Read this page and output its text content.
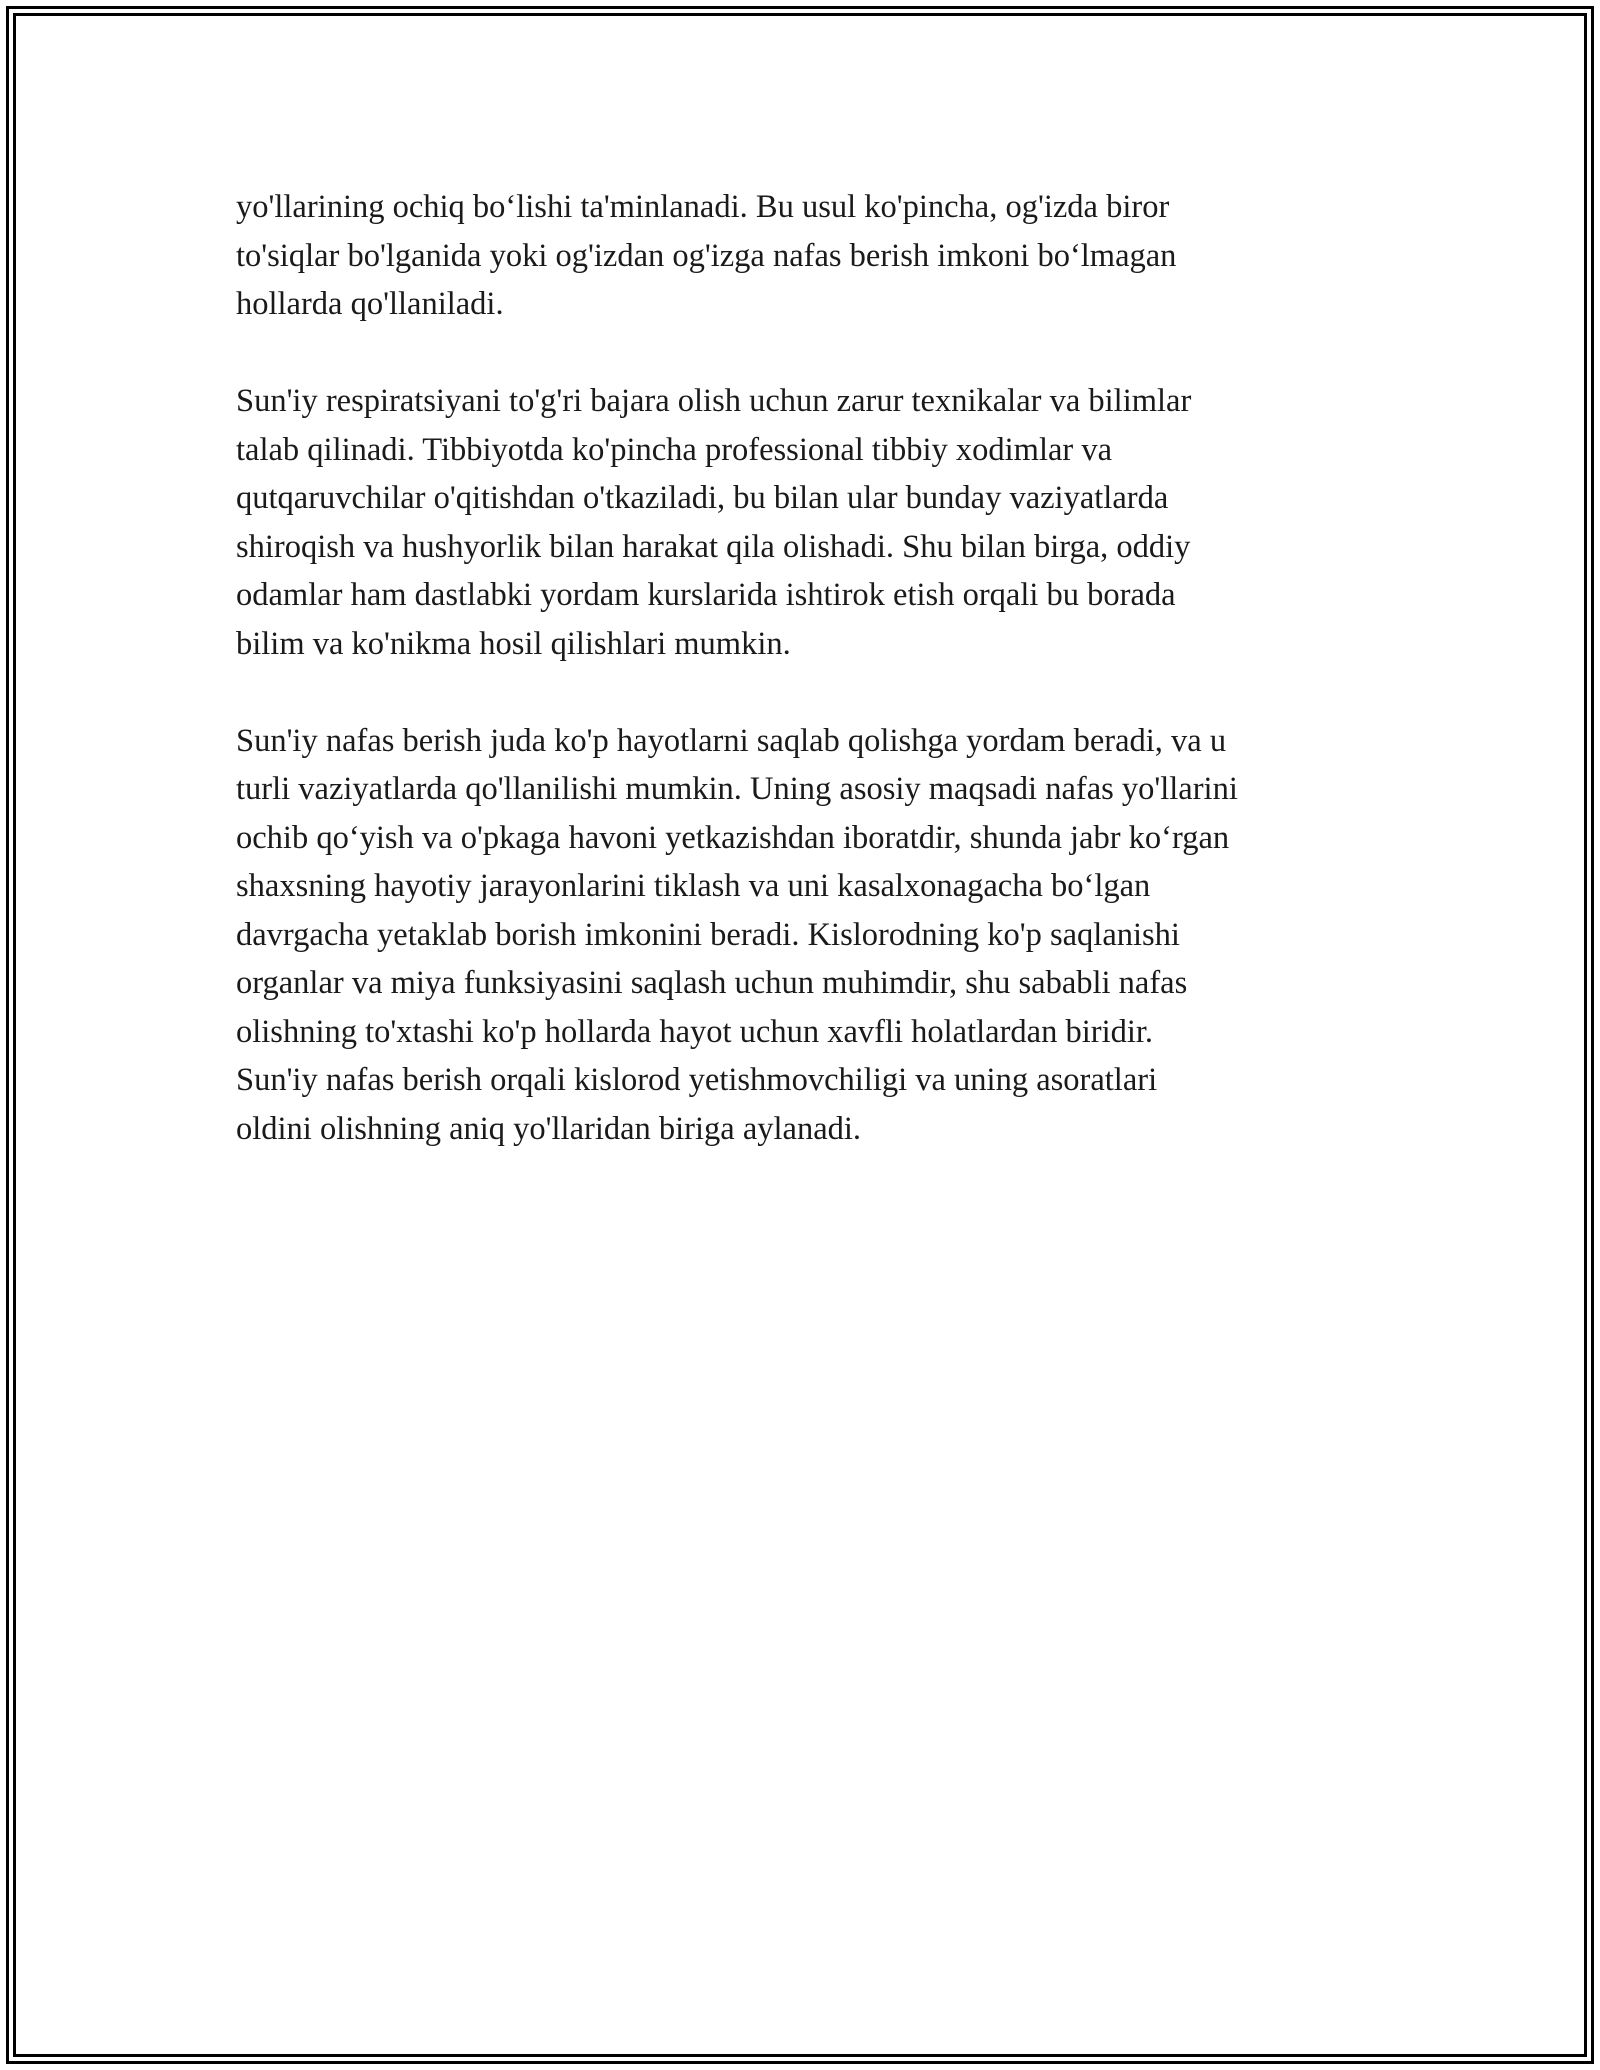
yo'llarining ochiq bo‘lishi ta'minlanadi. Bu usul ko'pincha, og'izda biror
to'siqlar bo'lganida yoki og'izdan og'izga nafas berish imkoni bo‘lmagan
hollarda qo'llaniladi.

Sun'iy respiratsiyani to'g'ri bajara olish uchun zarur texnikalar va bilimlar
talab qilinadi. Tibbiyotda ko'pincha professional tibbiy xodimlar va
qutqaruvchilar o'qitishdan o'tkaziladi, bu bilan ular bunday vaziyatlarda
shiroqish va hushyorlik bilan harakat qila olishadi. Shu bilan birga, oddiy
odamlar ham dastlabki yordam kurslarida ishtirok etish orqali bu borada
bilim va ko'nikma hosil qilishlari mumkin.

Sun'iy nafas berish juda ko'p hayotlarni saqlab qolishga yordam beradi, va u
turli vaziyatlarda qo'llanilishi mumkin. Uning asosiy maqsadi nafas yo'llarini
ochib qo‘yish va o'pkaga havoni yetkazishdan iboratdir, shunda jabr ko‘rgan
shaxsning hayotiy jarayonlarini tiklash va uni kasalxonagacha bo‘lgan
davrgacha yetaklab borish imkonini beradi. Kislorodning ko'p saqlanishi
organlar va miya funksiyasini saqlash uchun muhimdir, shu sababli nafas
olishning to'xtashi ko'p hollarda hayot uchun xavfli holatlardan biridir.
Sun'iy nafas berish orqali kislorod yetishmovchiligi va uning asoratlari
oldini olishning aniq yo'llaridan biriga aylanadi.
